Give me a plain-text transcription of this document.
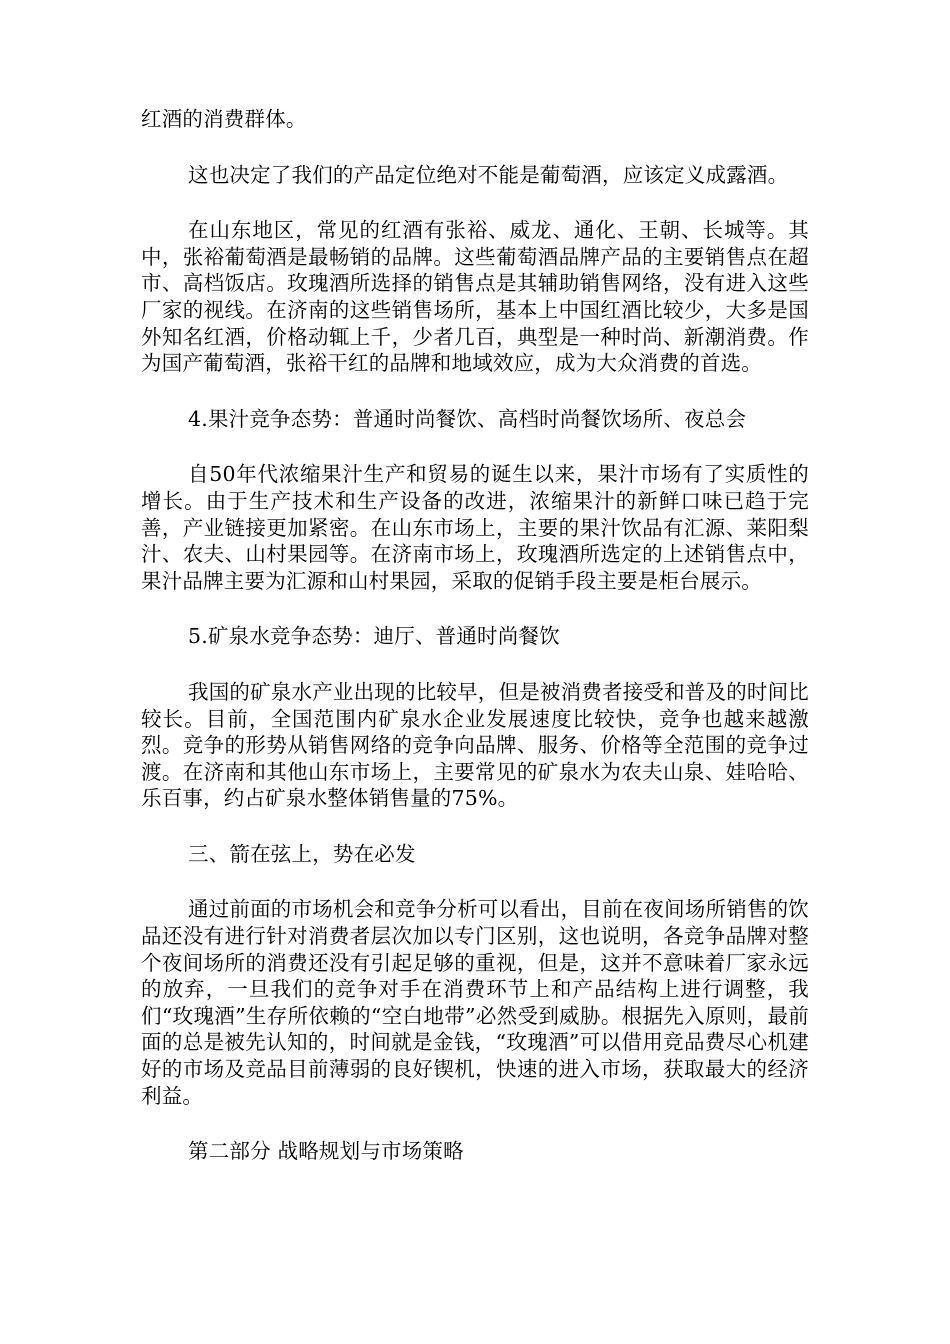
红酒的消费群体。

这也决定了我们的产品定位绝对不能是葡萄酒，应该定义成露酒。

在山东地区，常见的红酒有张裕、威龙、通化、王朝、长城等。其中，张裕葡萄酒是最畅销的品牌。这些葡萄酒品牌产品的主要销售点在超市、高档饭店。玫瑰酒所选择的销售点是其辅助销售网络，没有进入这些厂家的视线。在济南的这些销售场所，基本上中国红酒比较少，大多是国外知名红酒，价格动辄上千，少者几百，典型是一种时尚、新潮消费。作为国产葡萄酒，张裕干红的品牌和地域效应，成为大众消费的首选。

4.果汁竞争态势：普通时尚餐饮、高档时尚餐饮场所、夜总会

自50年代浓缩果汁生产和贸易的诞生以来，果汁市场有了实质性的增长。由于生产技术和生产设备的改进，浓缩果汁的新鲜口味已趋于完善，产业链接更加紧密。在山东市场上，主要的果汁饮品有汇源、莱阳梨汁、农夫、山村果园等。在济南市场上，玫瑰酒所选定的上述销售点中，果汁品牌主要为汇源和山村果园，采取的促销手段主要是柜台展示。

5.矿泉水竞争态势：迪厅、普通时尚餐饮

我国的矿泉水产业出现的比较早，但是被消费者接受和普及的时间比较长。目前，全国范围内矿泉水企业发展速度比较快，竞争也越来越激烈。竞争的形势从销售网络的竞争向品牌、服务、价格等全范围的竞争过渡。在济南和其他山东市场上，主要常见的矿泉水为农夫山泉、娃哈哈、乐百事，约占矿泉水整体销售量的75%。

三、箭在弦上，势在必发

通过前面的市场机会和竞争分析可以看出，目前在夜间场所销售的饮品还没有进行针对消费者层次加以专门区别，这也说明，各竞争品牌对整个夜间场所的消费还没有引起足够的重视，但是，这并不意味着厂家永远的放弃，一旦我们的竞争对手在消费环节上和产品结构上进行调整，我们“玫瑰酒”生存所依赖的“空白地带”必然受到威胁。根据先入原则，最前面的总是被先认知的，时间就是金钱，“玫瑰酒”可以借用竞品费尽心机建好的市场及竞品目前薄弱的良好锲机，快速的进入市场，获取最大的经济利益。

第二部分 战略规划与市场策略
